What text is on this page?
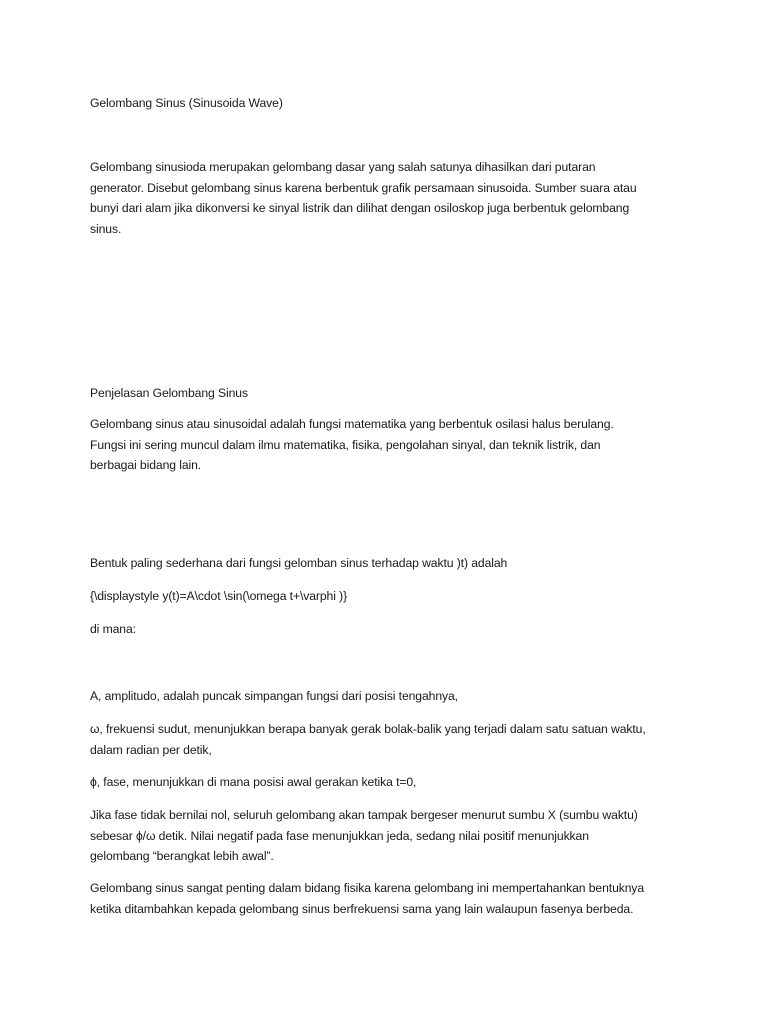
Gelombang Sinus (Sinusoida Wave)

Gelombang sinusioda merupakan gelombang dasar yang salah satunya dihasilkan dari putaran
generator. Disebut gelombang sinus karena berbentuk grafik persamaan sinusoida. Sumber suara atau
bunyi dari alam jika dikonversi ke sinyal listrik dan dilihat dengan osiloskop juga berbentuk gelombang
sinus.

Penjelasan Gelombang Sinus

Gelombang sinus atau sinusoidal adalah fungsi matematika yang berbentuk osilasi halus berulang.
Fungsi ini sering muncul dalam ilmu matematika, fisika, pengolahan sinyal, dan teknik listrik, dan
berbagai bidang lain.

Bentuk paling sederhana dari fungsi gelomban sinus terhadap waktu )t) adalah

{\displaystyle y(t)=A\cdot \sin(\omega t+\varphi )}

di mana:

A, amplitudo, adalah puncak simpangan fungsi dari posisi tengahnya,

ω, frekuensi sudut, menunjukkan berapa banyak gerak bolak-balik yang terjadi dalam satu satuan waktu,
dalam radian per detik,

ϕ, fase, menunjukkan di mana posisi awal gerakan ketika t=0,

Jika fase tidak bernilai nol, seluruh gelombang akan tampak bergeser menurut sumbu X (sumbu waktu)
sebesar ϕ/ω detik. Nilai negatif pada fase menunjukkan jeda, sedang nilai positif menunjukkan
gelombang “berangkat lebih awal”.

Gelombang sinus sangat penting dalam bidang fisika karena gelombang ini mempertahankan bentuknya
ketika ditambahkan kepada gelombang sinus berfrekuensi sama yang lain walaupun fasenya berbeda.
